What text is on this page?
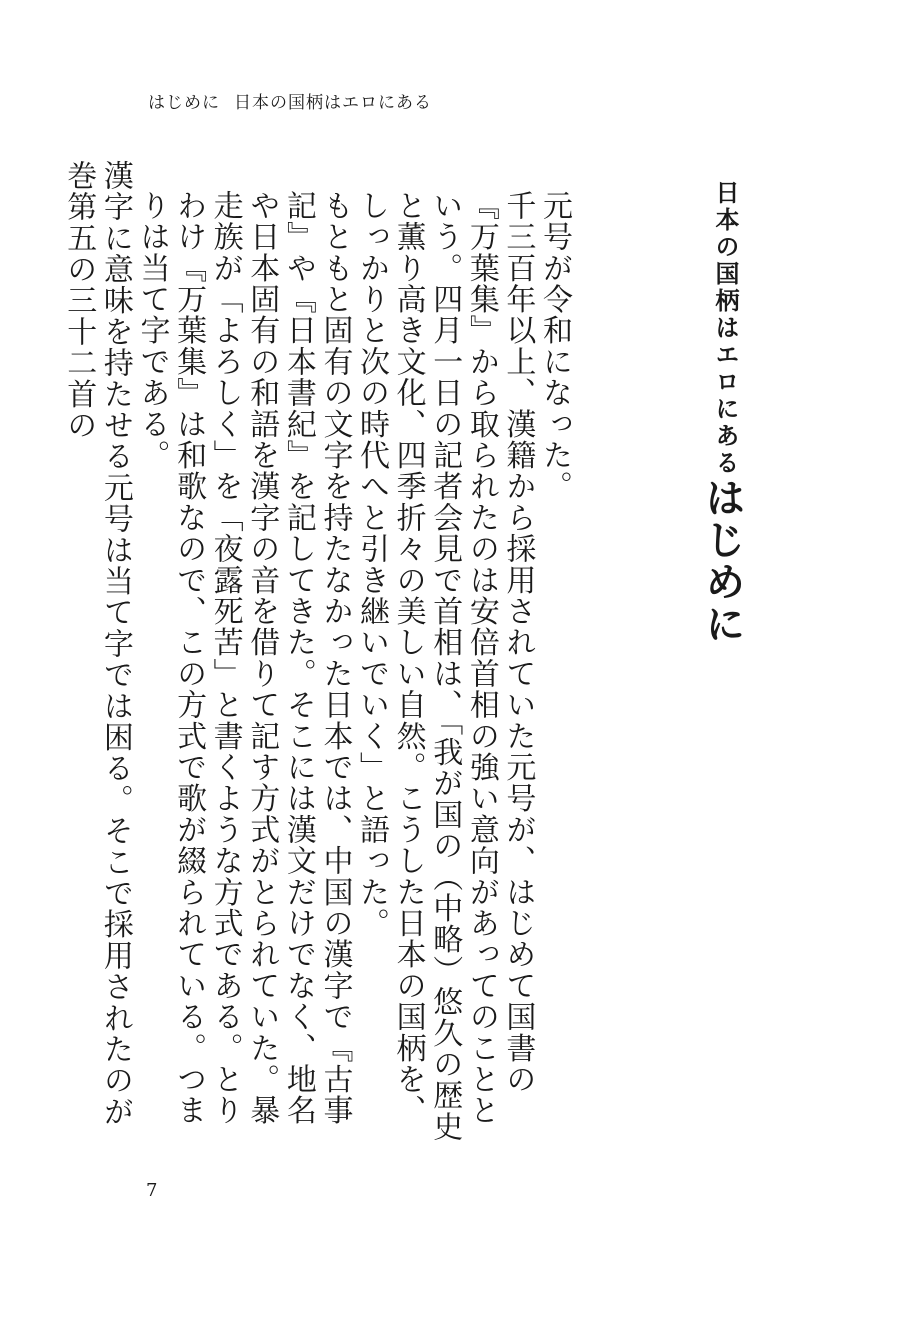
はじめに 日本の国柄はエロにある
はじめに
日本の国柄はエロにある

元号が令和になった。

千三百年以上、漢籍から採用されていた元号が、はじめて国書の『万葉集』から取られたのは安倍首相の強い意向があってのことという。四月一日の記者会見で首相は、「我が国の（中略）悠久の歴史と薫り高き文化、四季折々の美しい自然。こうした日本の国柄を、しっかりと次の時代へと引き継いでいく」と語った。

もともと固有の文字を持たなかった日本では、中国の漢字で『古事記』や『日本書紀』を記してきた。そこには漢文だけでなく、地名や日本固有の和語を漢字の音を借りて記す方式がとられていた。暴走族が「よろしく」を「夜露死苦」と書くような方式である。とりわけ『万葉集』は和歌なので、この方式で歌が綴られている。つまりは当て字である。

漢字に意味を持たせる元号は当て字では困る。そこで採用されたのが巻第五の三十二首の

7
